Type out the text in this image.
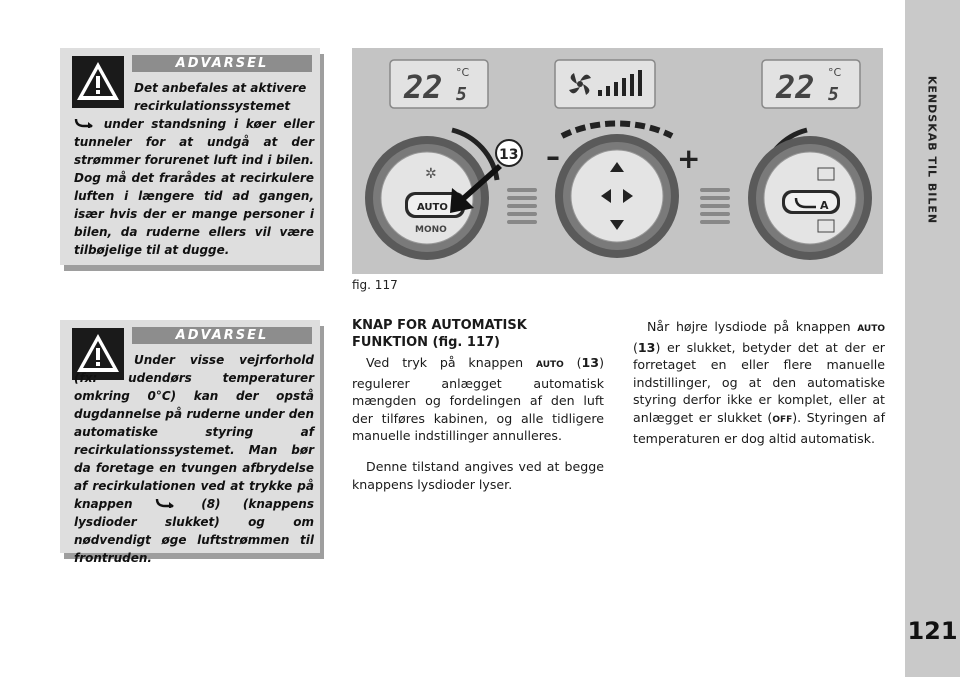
KENDSKAB TIL BILEN
121
ADVARSEL

Det anbefales at aktivere recirkulationssystemet

under standsning i køer eller tunneler for at undgå at der strømmer forurenet luft ind i bilen. Dog må det frarådes at recirkulere luften i længere tid ad gangen, især hvis der er mange personer i bilen, da ruderne ellers vil være tilbøjelige til at dugge.

ADVARSEL

Under visse vejrforhold (fx: udendørs temperaturer omkring 0°C) kan der opstå dugdannelse på ruderne under den automatiske styring af recirkulationssystemet. Man bør da foretage en tvungen afbrydelse af recirkulationen ved at trykke på knappen	(8) (knappens lysdioder slukket) og om nødvendigt øge luftstrømmen til frontruden.

22 5
°C	22 5
°C
–	+
AUTO
MONO
✲
13
A
fig. 117

KNAP FOR AUTOMATISK FUNKTION (fig. 117)

Ved tryk på knappen AUTO (13) regulerer anlægget automatisk mængden og fordelingen af den luft der tilføres kabinen, og alle tidligere manuelle indstillinger annulleres.

Denne tilstand angives ved at begge knappens lysdioder lyser.

Når højre lysdiode på knappen AUTO (13) er slukket, betyder det at der er forretaget en eller flere manuelle indstillinger, og at den automatiske styring derfor ikke er komplet, eller at anlægget er slukket (OFF). Styringen af temperaturen er dog altid automatisk.
